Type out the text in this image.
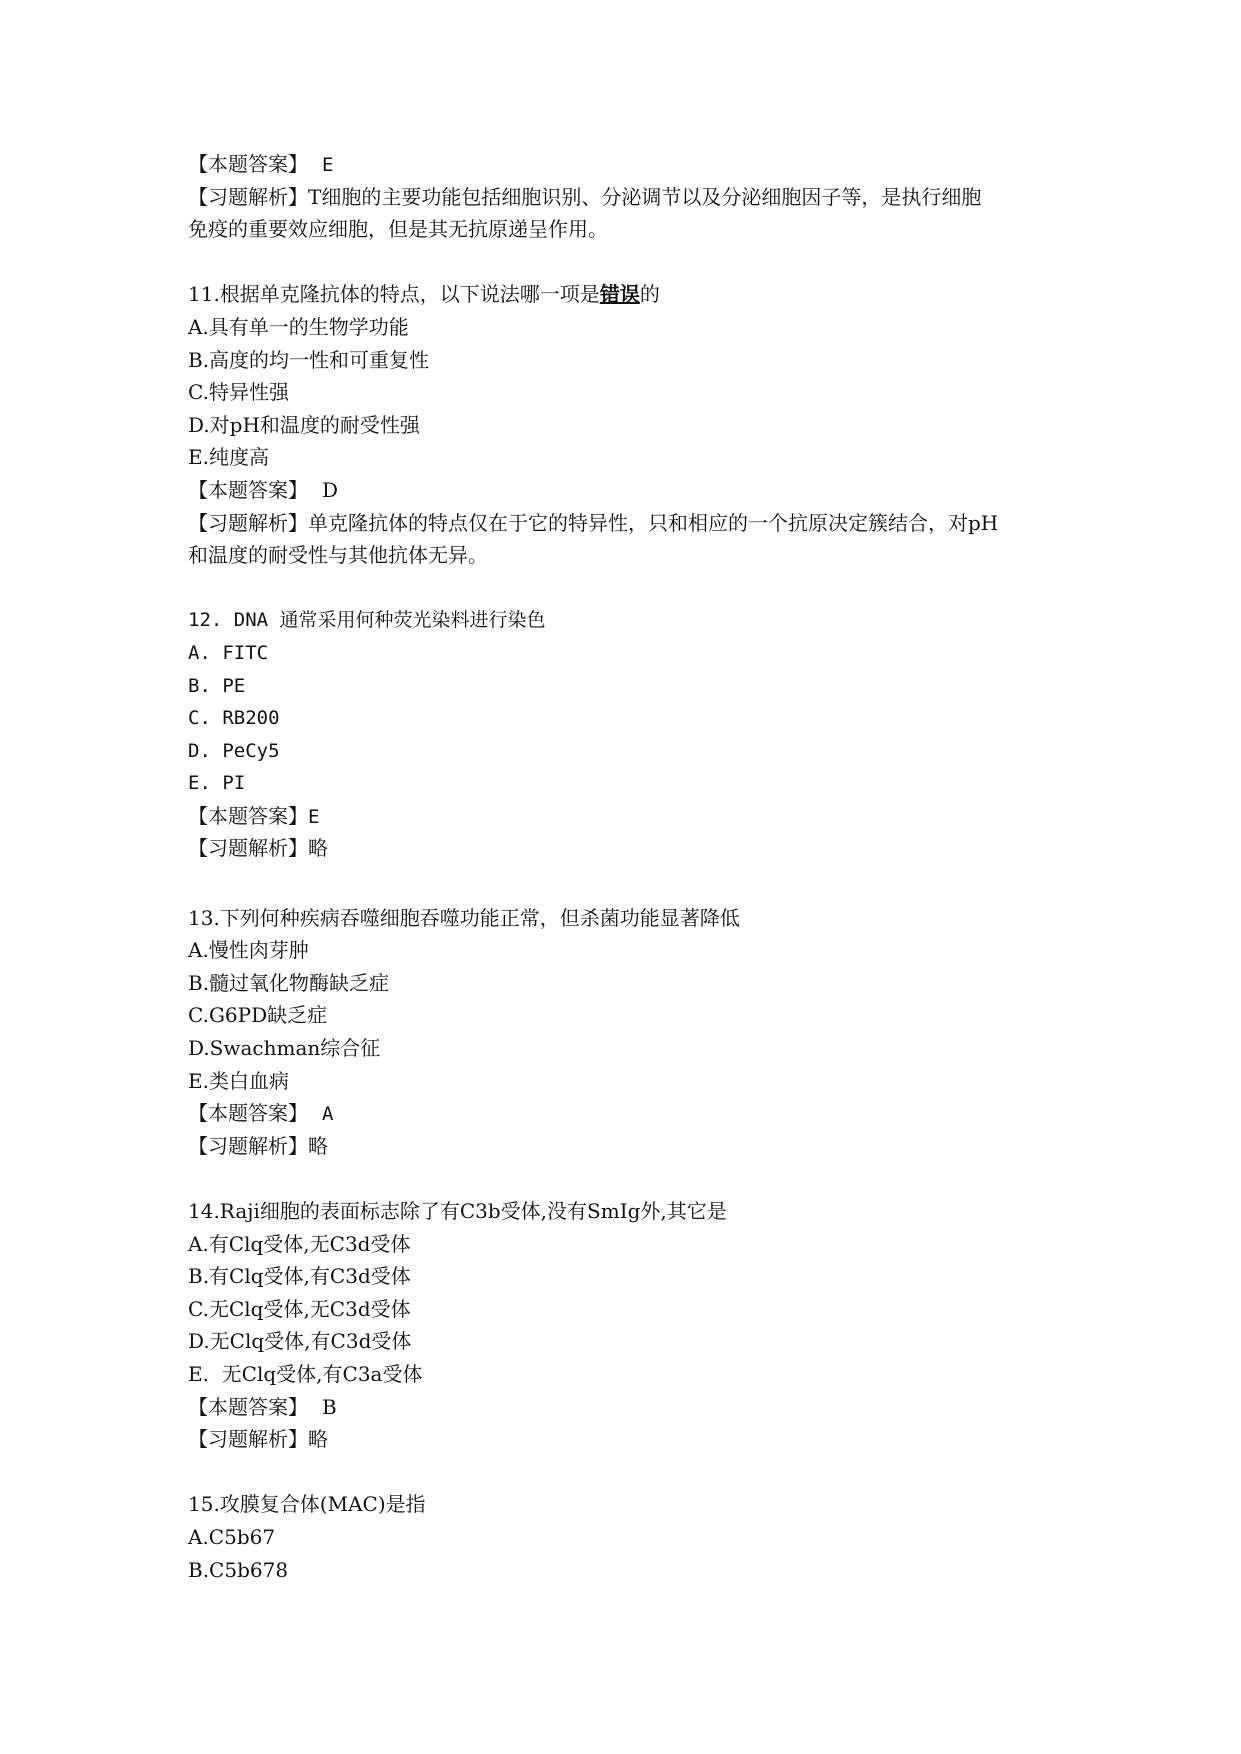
【本题答案】 E
【习题解析】T细胞的主要功能包括细胞识别、分泌调节以及分泌细胞因子等，是执行细胞
免疫的重要效应细胞，但是其无抗原递呈作用。
11.根据单克隆抗体的特点，以下说法哪一项是错误的
A.具有单一的生物学功能
B.高度的均一性和可重复性
C.特异性强
D.对pH和温度的耐受性强
E.纯度高
【本题答案】 D
【习题解析】单克隆抗体的特点仅在于它的特异性，只和相应的一个抗原决定簇结合，对pH
和温度的耐受性与其他抗体无异。
12. DNA 通常采用何种荧光染料进行染色
A. FITC
B. PE
C. RB200
D. PeCy5
E. PI
【本题答案】E
【习题解析】略
13.下列何种疾病吞噬细胞吞噬功能正常，但杀菌功能显著降低
A.慢性肉芽肿
B.髓过氧化物酶缺乏症
C.G6PD缺乏症
D.Swachman综合征
E.类白血病
【本题答案】 A
【习题解析】略
14.Raji细胞的表面标志除了有C3b受体,没有SmIg外,其它是
A.有Clq受体,无C3d受体
B.有Clq受体,有C3d受体
C.无Clq受体,无C3d受体
D.无Clq受体,有C3d受体
E.  无Clq受体,有C3a受体
【本题答案】 B
【习题解析】略
15.攻膜复合体(MAC)是指
A.C5b67
B.C5b678
